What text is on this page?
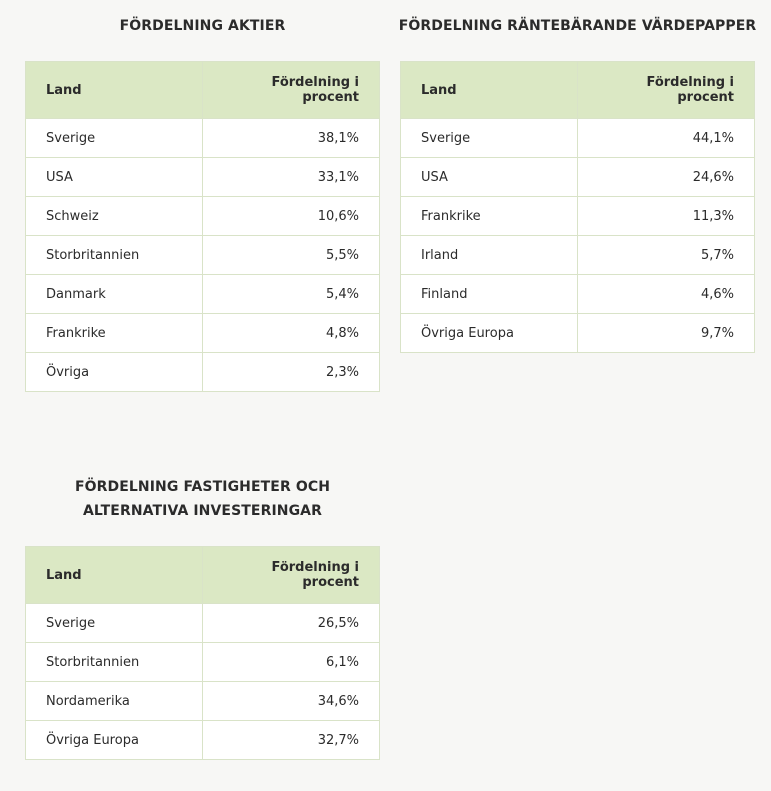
FÖRDELNING AKTIER
Land	Fördelning i procent
Sverige	38,1%
USA	33,1%
Schweiz	10,6%
Storbritannien	5,5%
Danmark	5,4%
Frankrike	4,8%
Övriga	2,3%
FÖRDELNING RÄNTEBÄRANDE VÄRDEPAPPER
Land	Fördelning i procent
Sverige	44,1%
USA	24,6%
Frankrike	11,3%
Irland	5,7%
Finland	4,6%
Övriga Europa	9,7%
FÖRDELNING FASTIGHETER OCH ALTERNATIVA INVESTERINGAR
Land	Fördelning i procent
Sverige	26,5%
Storbritannien	6,1%
Nordamerika	34,6%
Övriga Europa	32,7%
